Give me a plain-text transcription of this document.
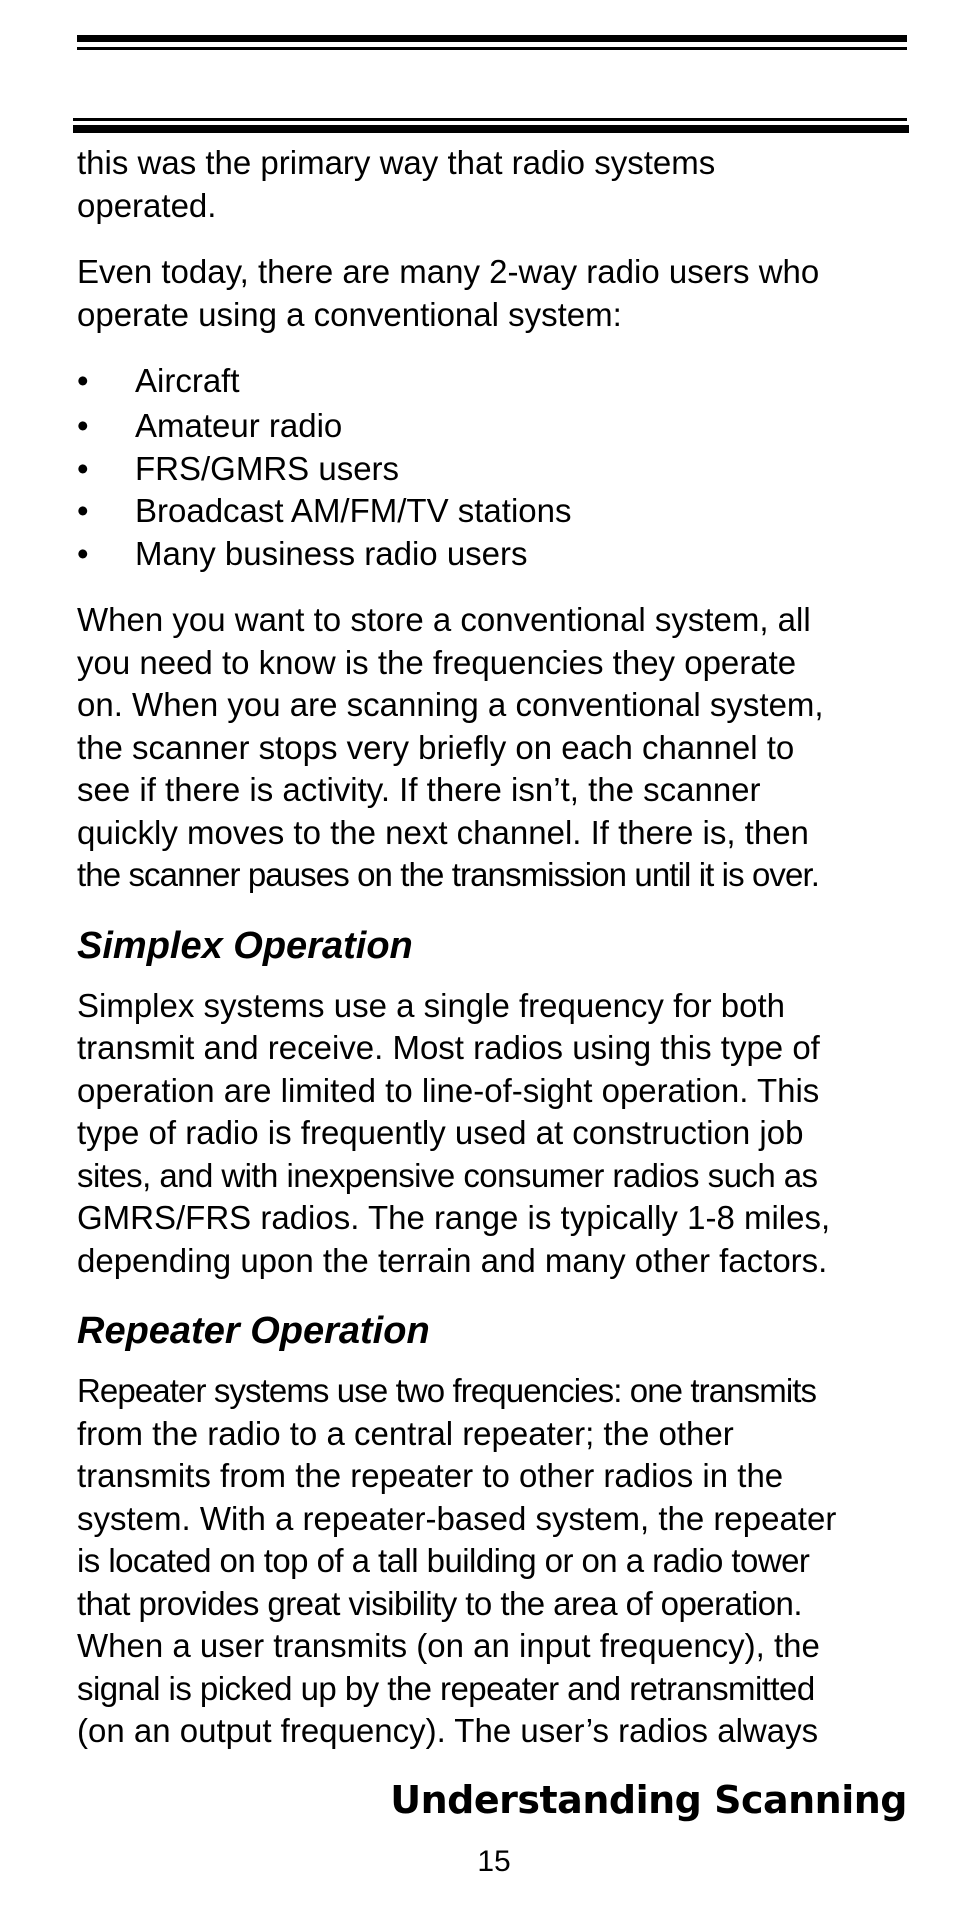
this was the primary way that radio systems
operated.

Even today, there are many 2-way radio users who
operate using a conventional system:

• Aircraft
• Amateur radio
• FRS/GMRS users
• Broadcast AM/FM/TV stations
• Many business radio users

When you want to store a conventional system, all
you need to know is the frequencies they operate
on. When you are scanning a conventional system,
the scanner stops very briefly on each channel to
see if there is activity. If there isn’t, the scanner
quickly moves to the next channel. If there is, then
the scanner pauses on the transmission until it is over.

Simplex Operation

Simplex systems use a single frequency for both
transmit and receive. Most radios using this type of
operation are limited to line-of-sight operation. This
type of radio is frequently used at construction job
sites, and with inexpensive consumer radios such as
GMRS/FRS radios. The range is typically 1-8 miles,
depending upon the terrain and many other factors.

Repeater Operation

Repeater systems use two frequencies: one transmits
from the radio to a central repeater; the other
transmits from the repeater to other radios in the
system. With a repeater-based system, the repeater
is located on top of a tall building or on a radio tower
that provides great visibility to the area of operation.
When a user transmits (on an input frequency), the
signal is picked up by the repeater and retransmitted
(on an output frequency). The user’s radios always

Understanding Scanning
15
